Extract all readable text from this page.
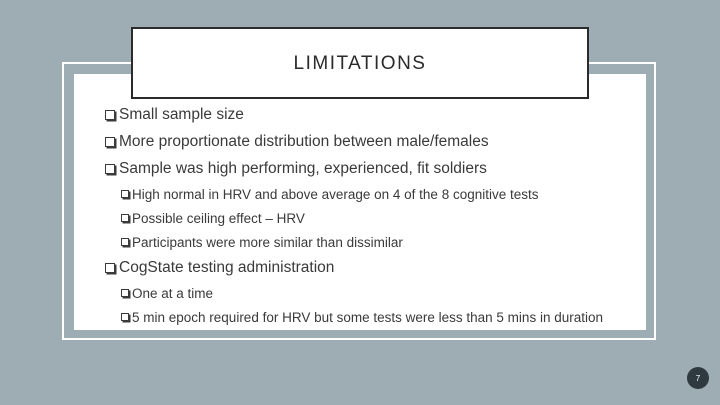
LIMITATIONS
Small sample size
More proportionate distribution between male/females
Sample was high performing, experienced, fit soldiers
High normal in HRV and above average on 4 of the 8 cognitive tests
Possible ceiling effect – HRV
Participants were more similar than dissimilar
CogState testing administration
One at a time
5 min epoch required for HRV but some tests were less than 5 mins in duration
7
